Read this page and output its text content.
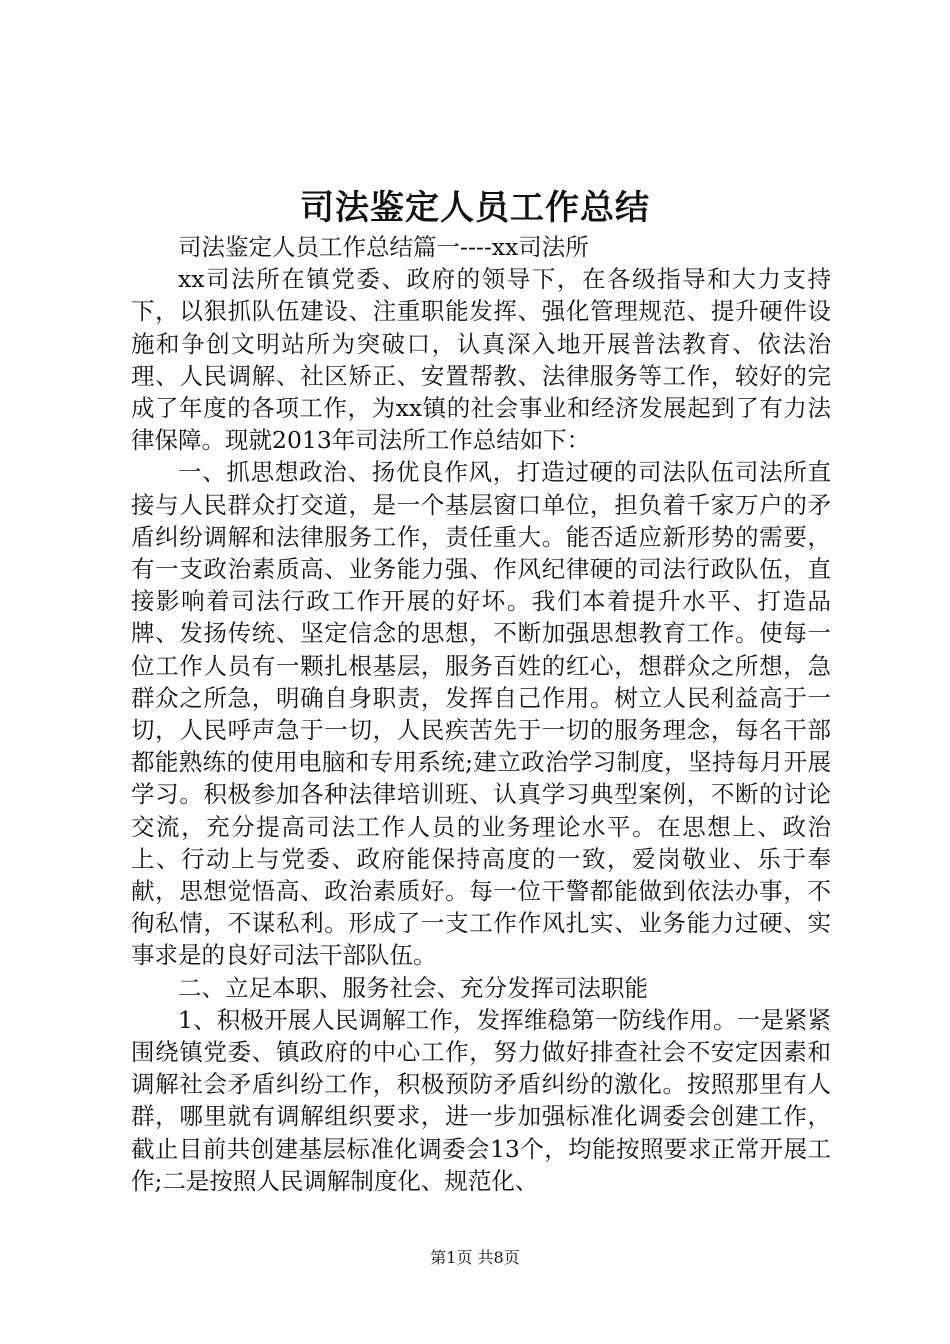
司法鉴定人员工作总结

司法鉴定人员工作总结篇一----xx司法所

xx司法所在镇党委、政府的领导下，在各级指导和大力支持下，以狠抓队伍建设、注重职能发挥、强化管理规范、提升硬件设施和争创文明站所为突破口，认真深入地开展普法教育、依法治理、人民调解、社区矫正、安置帮教、法律服务等工作，较好的完成了年度的各项工作，为xx镇的社会事业和经济发展起到了有力法律保障。现就2013年司法所工作总结如下：

一、抓思想政治、扬优良作风，打造过硬的司法队伍司法所直接与人民群众打交道，是一个基层窗口单位，担负着千家万户的矛盾纠纷调解和法律服务工作，责任重大。能否适应新形势的需要，有一支政治素质高、业务能力强、作风纪律硬的司法行政队伍，直接影响着司法行政工作开展的好坏。我们本着提升水平、打造品牌、发扬传统、坚定信念的思想，不断加强思想教育工作。使每一位工作人员有一颗扎根基层，服务百姓的红心，想群众之所想，急群众之所急，明确自身职责，发挥自己作用。树立人民利益高于一切，人民呼声急于一切，人民疾苦先于一切的服务理念，每名干部都能熟练的使用电脑和专用系统;建立政治学习制度，坚持每月开展学习。积极参加各种法律培训班、认真学习典型案例，不断的讨论交流，充分提高司法工作人员的业务理论水平。在思想上、政治上、行动上与党委、政府能保持高度的一致，爱岗敬业、乐于奉献，思想觉悟高、政治素质好。每一位干警都能做到依法办事，不徇私情，不谋私利。形成了一支工作作风扎实、业务能力过硬、实事求是的良好司法干部队伍。

二、立足本职、服务社会、充分发挥司法职能

1、积极开展人民调解工作，发挥维稳第一防线作用。一是紧紧围绕镇党委、镇政府的中心工作，努力做好排查社会不安定因素和调解社会矛盾纠纷工作，积极预防矛盾纠纷的激化。按照那里有人群，哪里就有调解组织要求，进一步加强标准化调委会创建工作，截止目前共创建基层标准化调委会13个，均能按照要求正常开展工作;二是按照人民调解制度化、规范化、

第1页 共8页
